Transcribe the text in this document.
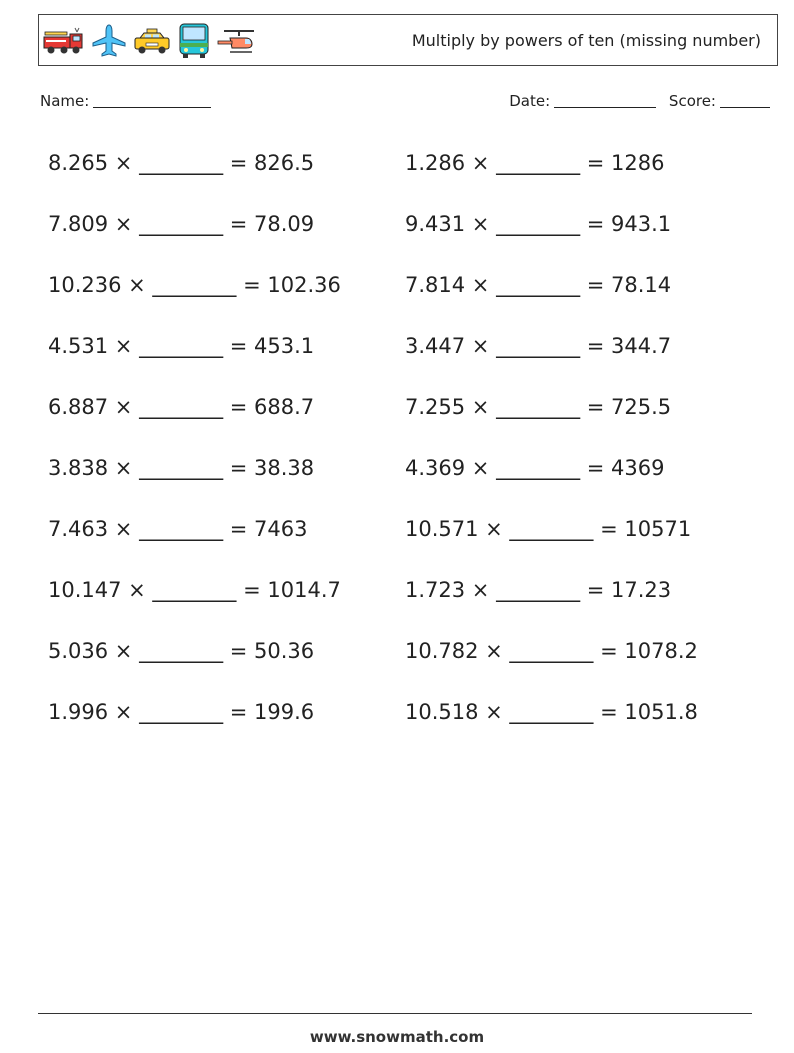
Multiply by powers of ten (missing number)
Name:	Date:	Score:
8.265 × ________ = 826.5
7.809 × ________ = 78.09
10.236 × ________ = 102.36
4.531 × ________ = 453.1
6.887 × ________ = 688.7
3.838 × ________ = 38.38
7.463 × ________ = 7463
10.147 × ________ = 1014.7
5.036 × ________ = 50.36
1.996 × ________ = 199.6
1.286 × ________ = 1286
9.431 × ________ = 943.1
7.814 × ________ = 78.14
3.447 × ________ = 344.7
7.255 × ________ = 725.5
4.369 × ________ = 4369
10.571 × ________ = 10571
1.723 × ________ = 17.23
10.782 × ________ = 1078.2
10.518 × ________ = 1051.8
www.snowmath.com
